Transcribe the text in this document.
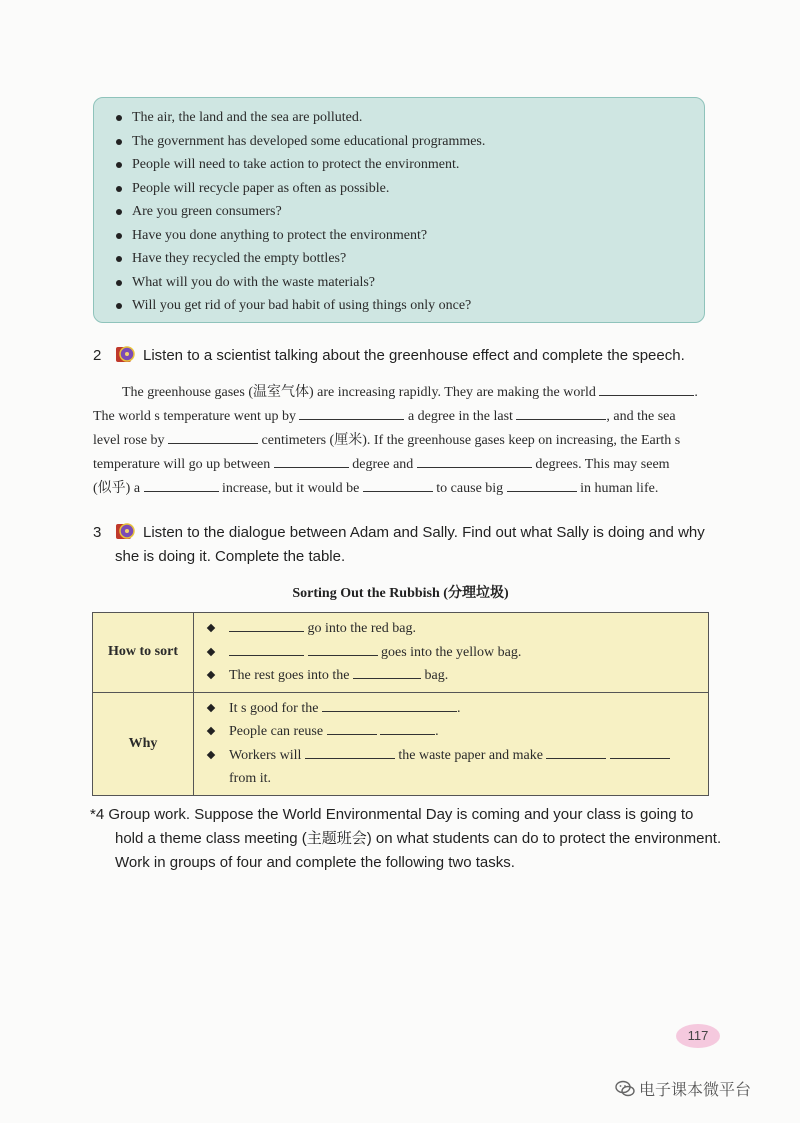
The air, the land and the sea are polluted.
The government has developed some educational programmes.
People will need to take action to protect the environment.
People will recycle paper as often as possible.
Are you green consumers?
Have you done anything to protect the environment?
Have they recycled the empty bottles?
What will you do with the waste materials?
Will you get rid of your bad habit of using things only once?
2	Listen to a scientist talking about the greenhouse effect and complete the speech.
The greenhouse gases (温室气体) are increasing rapidly. They are making the world	.
The world s temperature went up by	a degree in the last	, and the sea
level rose by	centimeters (厘米). If the greenhouse gases keep on increasing, the Earth s
temperature will go up between	degree and	degrees. This may seem
(似乎) a	increase, but it would be	to cause big	in human life.
3	Listen to the dialogue between Adam and Sally. Find out what Sally is doing and why
she is doing it. Complete the table.
Sorting Out the Rubbish (分理垃圾)
How to sort	go into the red bag.
goes into the yellow bag.
The rest goes into the bag.

Why	It s good for the .
People can reuse .
Workers will the waste paper and make
from it.
*4 Group work. Suppose the World Environmental Day is coming and your class is going to
hold a theme class meeting (主题班会) on what students can do to protect the environment.
Work in groups of four and complete the following two tasks.
117
电子课本微平台
